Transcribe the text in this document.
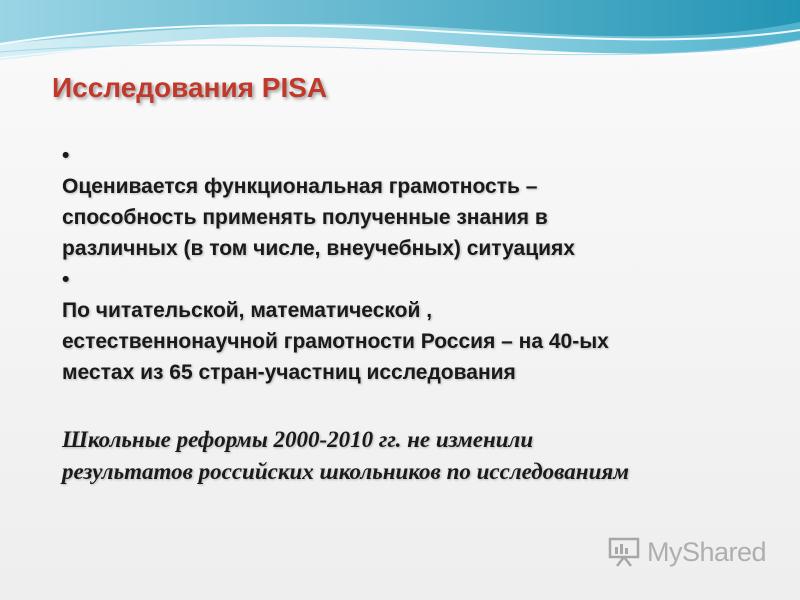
Исследования PISA
•
Оценивается функциональная грамотность –
способность применять полученные знания в
различных (в том числе, внеучебных) ситуациях
•
По читательской, математической ,
естественнонаучной грамотности Россия – на 40-ых
местах из 65 стран-участниц исследования
Школьные реформы 2000-2010 гг. не изменили
результатов российских школьников по исследованиям
MyShared
